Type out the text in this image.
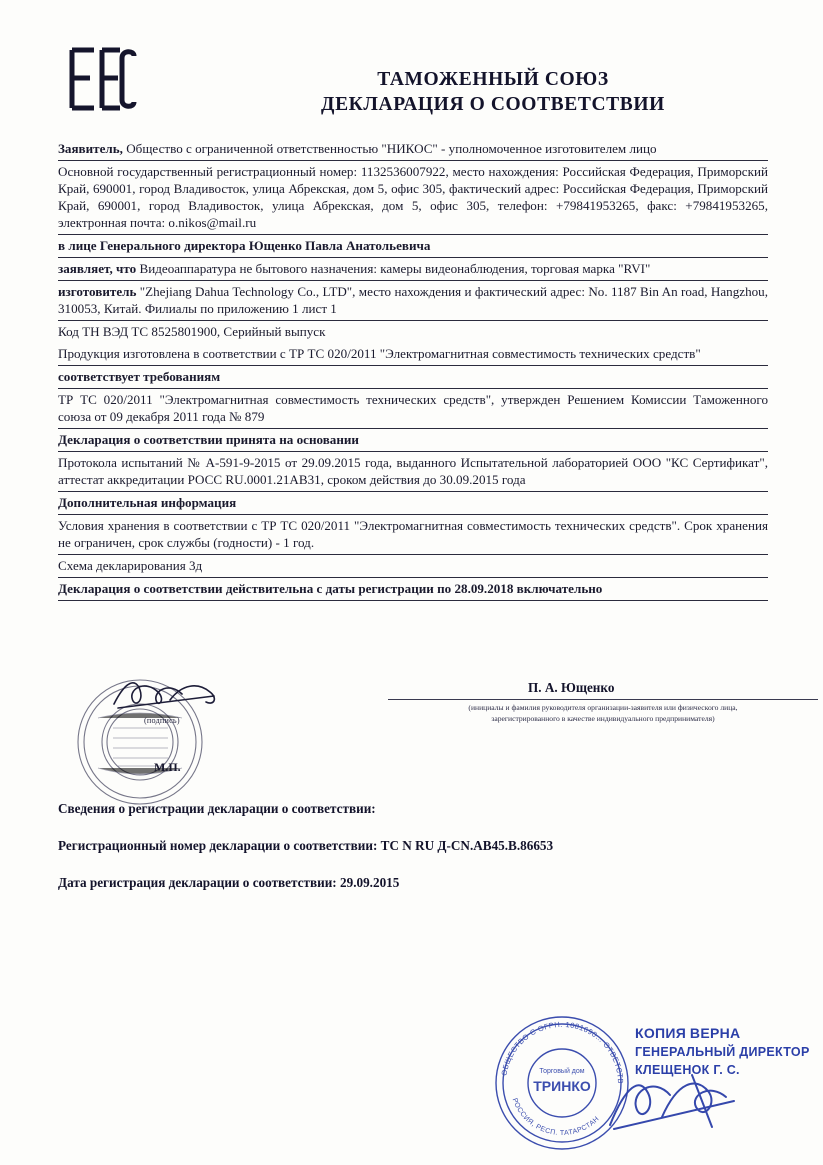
ТАМОЖЕННЫЙ СОЮЗ
ДЕКЛАРАЦИЯ О СООТВЕТСТВИИ
Заявитель, Общество с ограниченной ответственностью "НИКОС" - уполномоченное изготовителем лицо
Основной государственный регистрационный номер: 1132536007922, место нахождения: Российская Федерация, Приморский Край, 690001, город Владивосток, улица Абрекская, дом 5, офис 305, фактический адрес: Российская Федерация, Приморский Край, 690001, город Владивосток, улица Абрекская, дом 5, офис 305, телефон: +79841953265, факс: +79841953265, электронная почта: o.nikos@mail.ru
в лице Генерального директора Ющенко Павла Анатольевича
заявляет, что Видеоаппаратура не бытового назначения: камеры видеонаблюдения, торговая марка "RVI"
изготовитель "Zhejiang Dahua Technology Co., LTD", место нахождения и фактический адрес: No. 1187 Bin An road, Hangzhou, 310053, Китай. Филиалы по приложению 1 лист 1
Код ТН ВЭД ТС 8525801900, Серийный выпуск
Продукция изготовлена в соответствии с ТР ТС 020/2011 "Электромагнитная совместимость технических средств"
соответствует требованиям
ТР ТС 020/2011 "Электромагнитная совместимость технических средств", утвержден Решением Комиссии Таможенного союза от 09 декабря 2011 года № 879
Декларация о соответствии принята на основании
Протокола испытаний № А-591-9-2015 от 29.09.2015 года, выданного Испытательной лабораторией ООО "КС Сертификат", аттестат аккредитации РОСС RU.0001.21АВ31, сроком действия до 30.09.2015 года
Дополнительная информация
Условия хранения в соответствии с ТР ТС 020/2011 "Электромагнитная совместимость технических средств". Срок хранения не ограничен, срок службы (годности) - 1 год.
Схема декларирования 3д
Декларация о соответствии действительна с даты регистрации по 28.09.2018 включательно
(подпись)
М.П.
П. А. Ющенко
(инициалы и фамилия руководителя организации-заявителя или физического лица,
зарегистрированного в качестве индивидуального предпринимателя)
Сведения о регистрации декларации о соответствии:
Регистрационный номер декларации о соответствии: ТС N RU Д-CN.АВ45.В.86653
Дата регистрация декларации о соответствии: 29.09.2015
ОБЩЕСТВО С ОГРН. 1081690… ОТВЕТСТВ
РОССИЯ, РЕСП. ТАТАРСТАН
Торговый дом
ТРИНКО
КОПИЯ ВЕРНА
ГЕНЕРАЛЬНЫЙ ДИРЕКТОР
КЛЕЩЕНОК Г. С.
